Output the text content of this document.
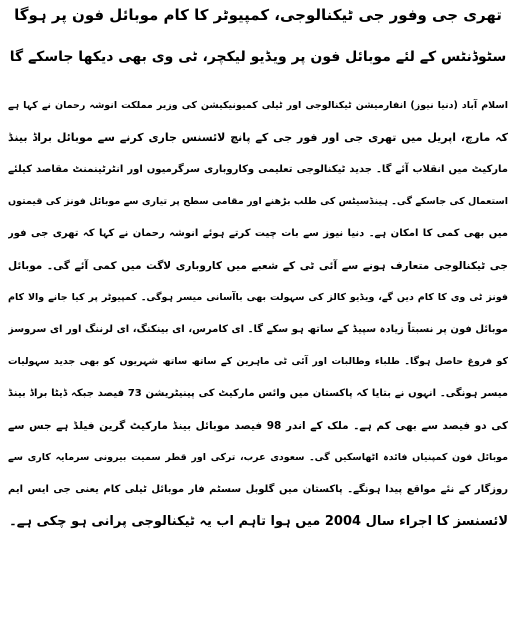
تھری جی وفور جی ٹیکنالوجی، کمپیوٹر کا کام موبائل فون پر ہوگا

سٹوڈنٹس کے لئے موبائل فون پر ویڈیو لیکچر، ٹی وی بھی دیکھا جاسکے گا

اسلام آباد (دنیا نیوز) انفارمیشن ٹیکنالوجی اور ٹیلی کمیونیکیشن کی وزیر مملکت انوشہ رحمان نے کہا ہے

کہ مارچ، اپریل میں تھری جی اور فور جی کے پانچ لائسنس جاری کرنے سے موبائل براڈ بینڈ

مارکیٹ میں انقلاب آئے گا۔ جدید ٹیکنالوجی تعلیمی وکاروباری سرگرمیوں اور انٹرٹینمنٹ مقاصد کیلئے

استعمال کی جاسکے گی۔ ہینڈسیٹس کی طلب بڑھنے اور مقامی سطح پر تیاری سے موبائل فونز کی قیمتوں

میں بھی کمی کا امکان ہے۔ دنیا نیوز سے بات چیت کرتے ہوئے انوشہ رحمان نے کہا کہ تھری جی فور

جی ٹیکنالوجی متعارف ہونے سے آئی ٹی کے شعبے میں کاروباری لاگت میں کمی آئے گی۔ موبائل

فونز ٹی وی کا کام دیں گے، ویڈیو کالز کی سہولت بھی باآسانی میسر ہوگی۔ کمپیوٹر پر کیا جانے والا کام

موبائل فون پر نسبتاً زیادہ سپیڈ کے ساتھ ہو سکے گا۔ ای کامرس، ای بینکنگ، ای لرننگ اور ای سروسز

کو فروغ حاصل ہوگا۔ طلباء وطالبات اور آئی ٹی ماہرین کے ساتھ ساتھ شہریوں کو بھی جدید سہولیات

میسر ہونگی۔ انہوں نے بتایا کہ پاکستان میں وائس مارکیٹ کی پینیٹریشن 73 فیصد جبکہ ڈیٹا براڈ بینڈ

کی دو فیصد سے بھی کم ہے۔ ملک کے اندر 98 فیصد موبائل بینڈ مارکیٹ گرین فیلڈ ہے جس سے

موبائل فون کمپنیاں فائدہ اٹھاسکیں گی۔ سعودی عرب، ترکی اور قطر سمیت بیرونی سرمایہ کاری سے

روزگار کے نئے مواقع پیدا ہونگے۔ پاکستان میں گلوبل سسٹم فار موبائل ٹیلی کام یعنی جی ایس ایم

لائسنسز کا اجراء سال 2004 میں ہوا تاہم اب یہ ٹیکنالوجی پرانی ہو چکی ہے۔
